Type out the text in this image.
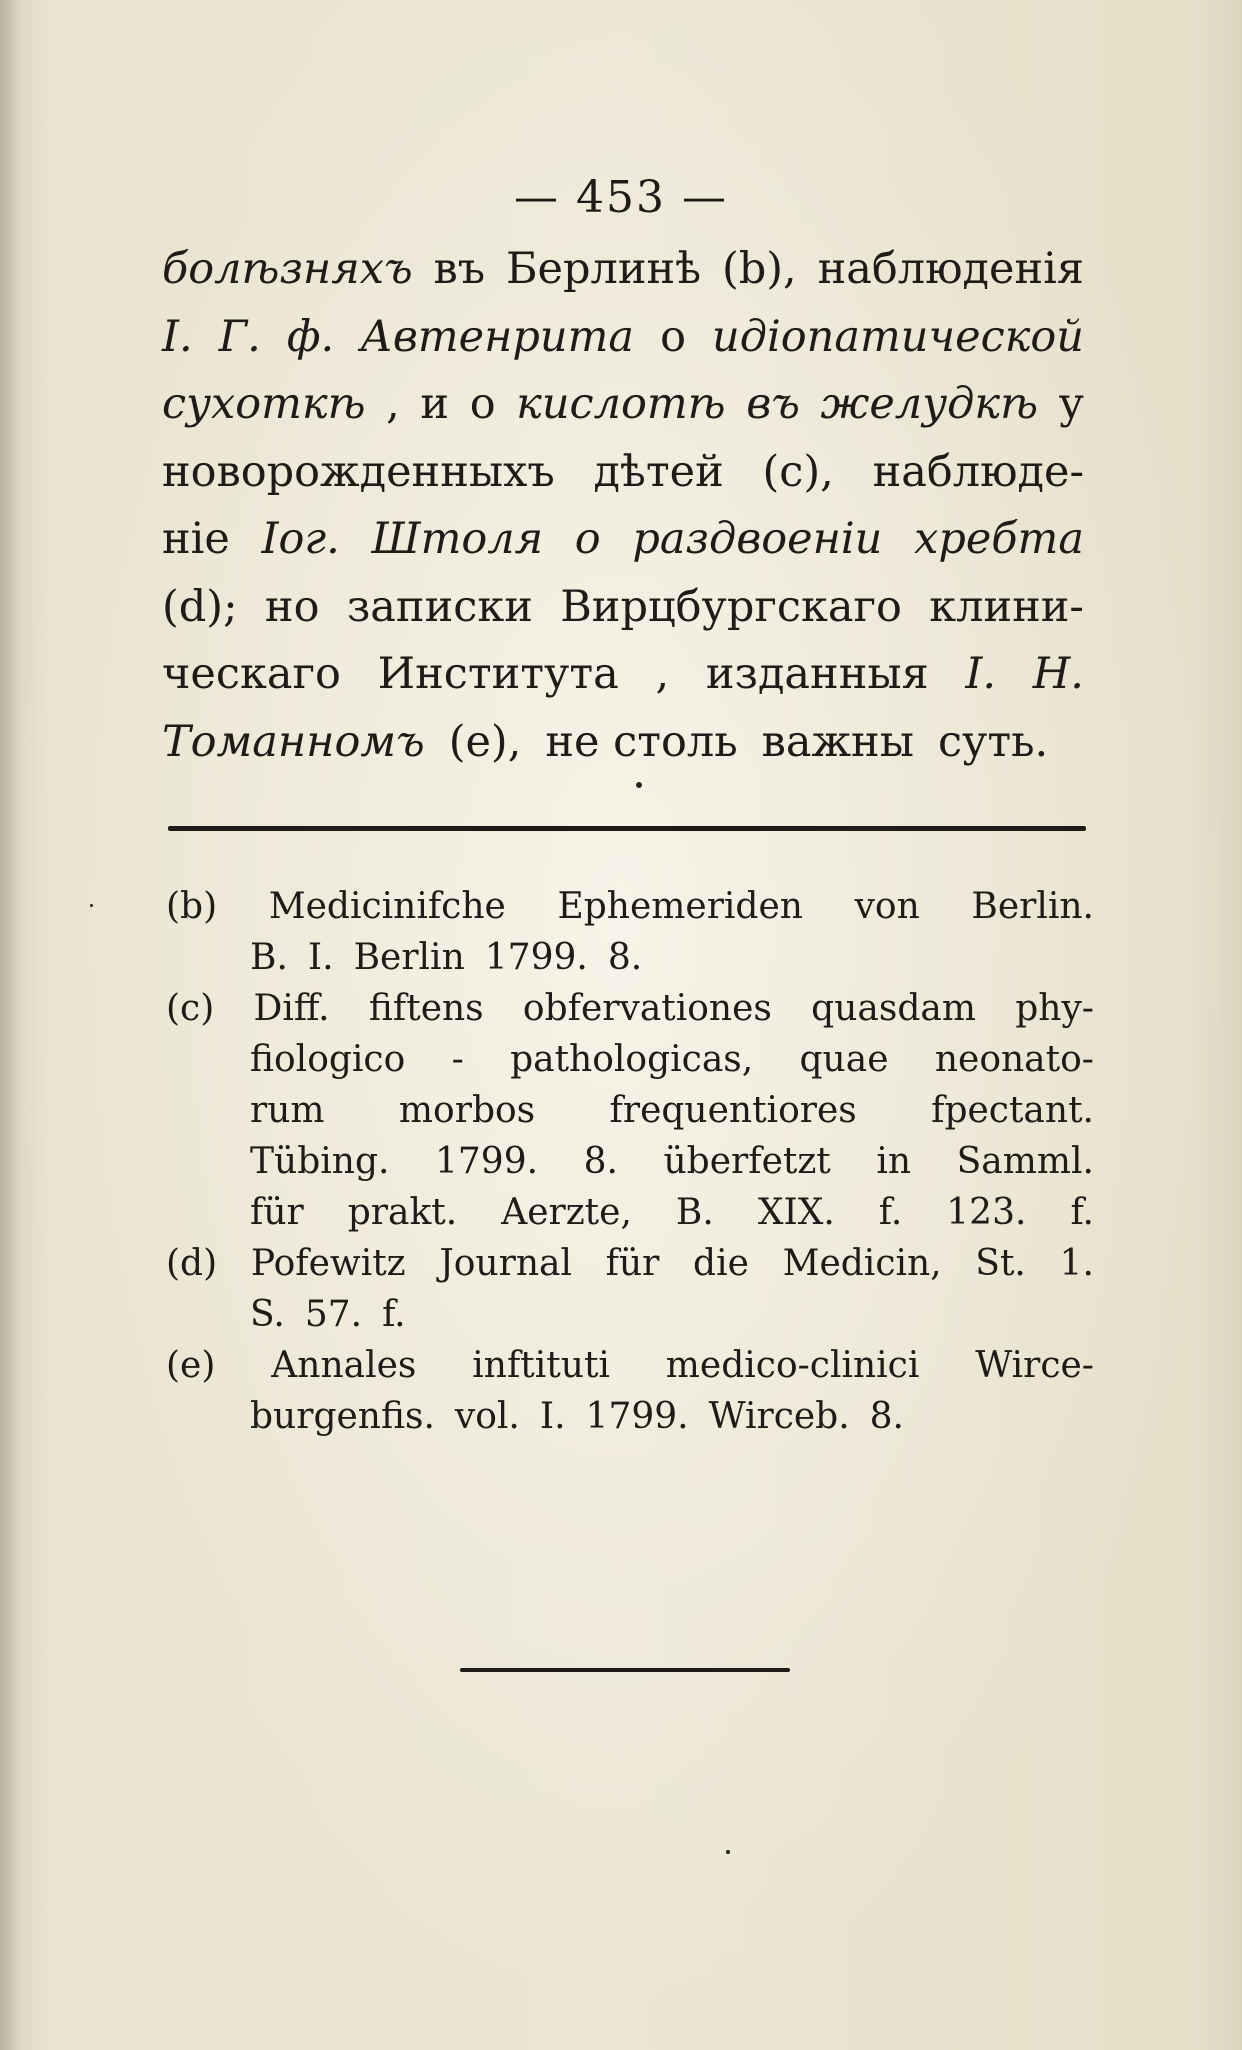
— 453 —
болѣзняхъ въ Берлинѣ (b), наблюденія
I. Г. ф. Автенрита о идіопатической
сухоткѣ , и о кислотѣ въ желудкѣ у
новорожденныхъ дѣтей (c), наблюде-
ніе Іог. Штоля о раздвоеніи хребта
(d); но записки Вирцбургскаго клини-
ческаго Института , изданныя I. Н.
Томанномъ (e), не столь важны суть.
(b) Medicinifche Ephemeriden von Berlin.
B. I. Berlin 1799. 8.
(c) Diff. fiftens obfervationes quasdam phy-
fiologico - pathologicas, quae neonato-
rum morbos frequentiores fpectant.
Tübing. 1799. 8. überfetzt in Samml.
für prakt. Aerzte, B. XIX. f. 123. f.
(d) Pofewitz Journal für die Medicin, St. 1.
S. 57. f.
(e) Annales inftituti medico-clinici Wirce-
burgenfis. vol. I. 1799. Wirceb. 8.
